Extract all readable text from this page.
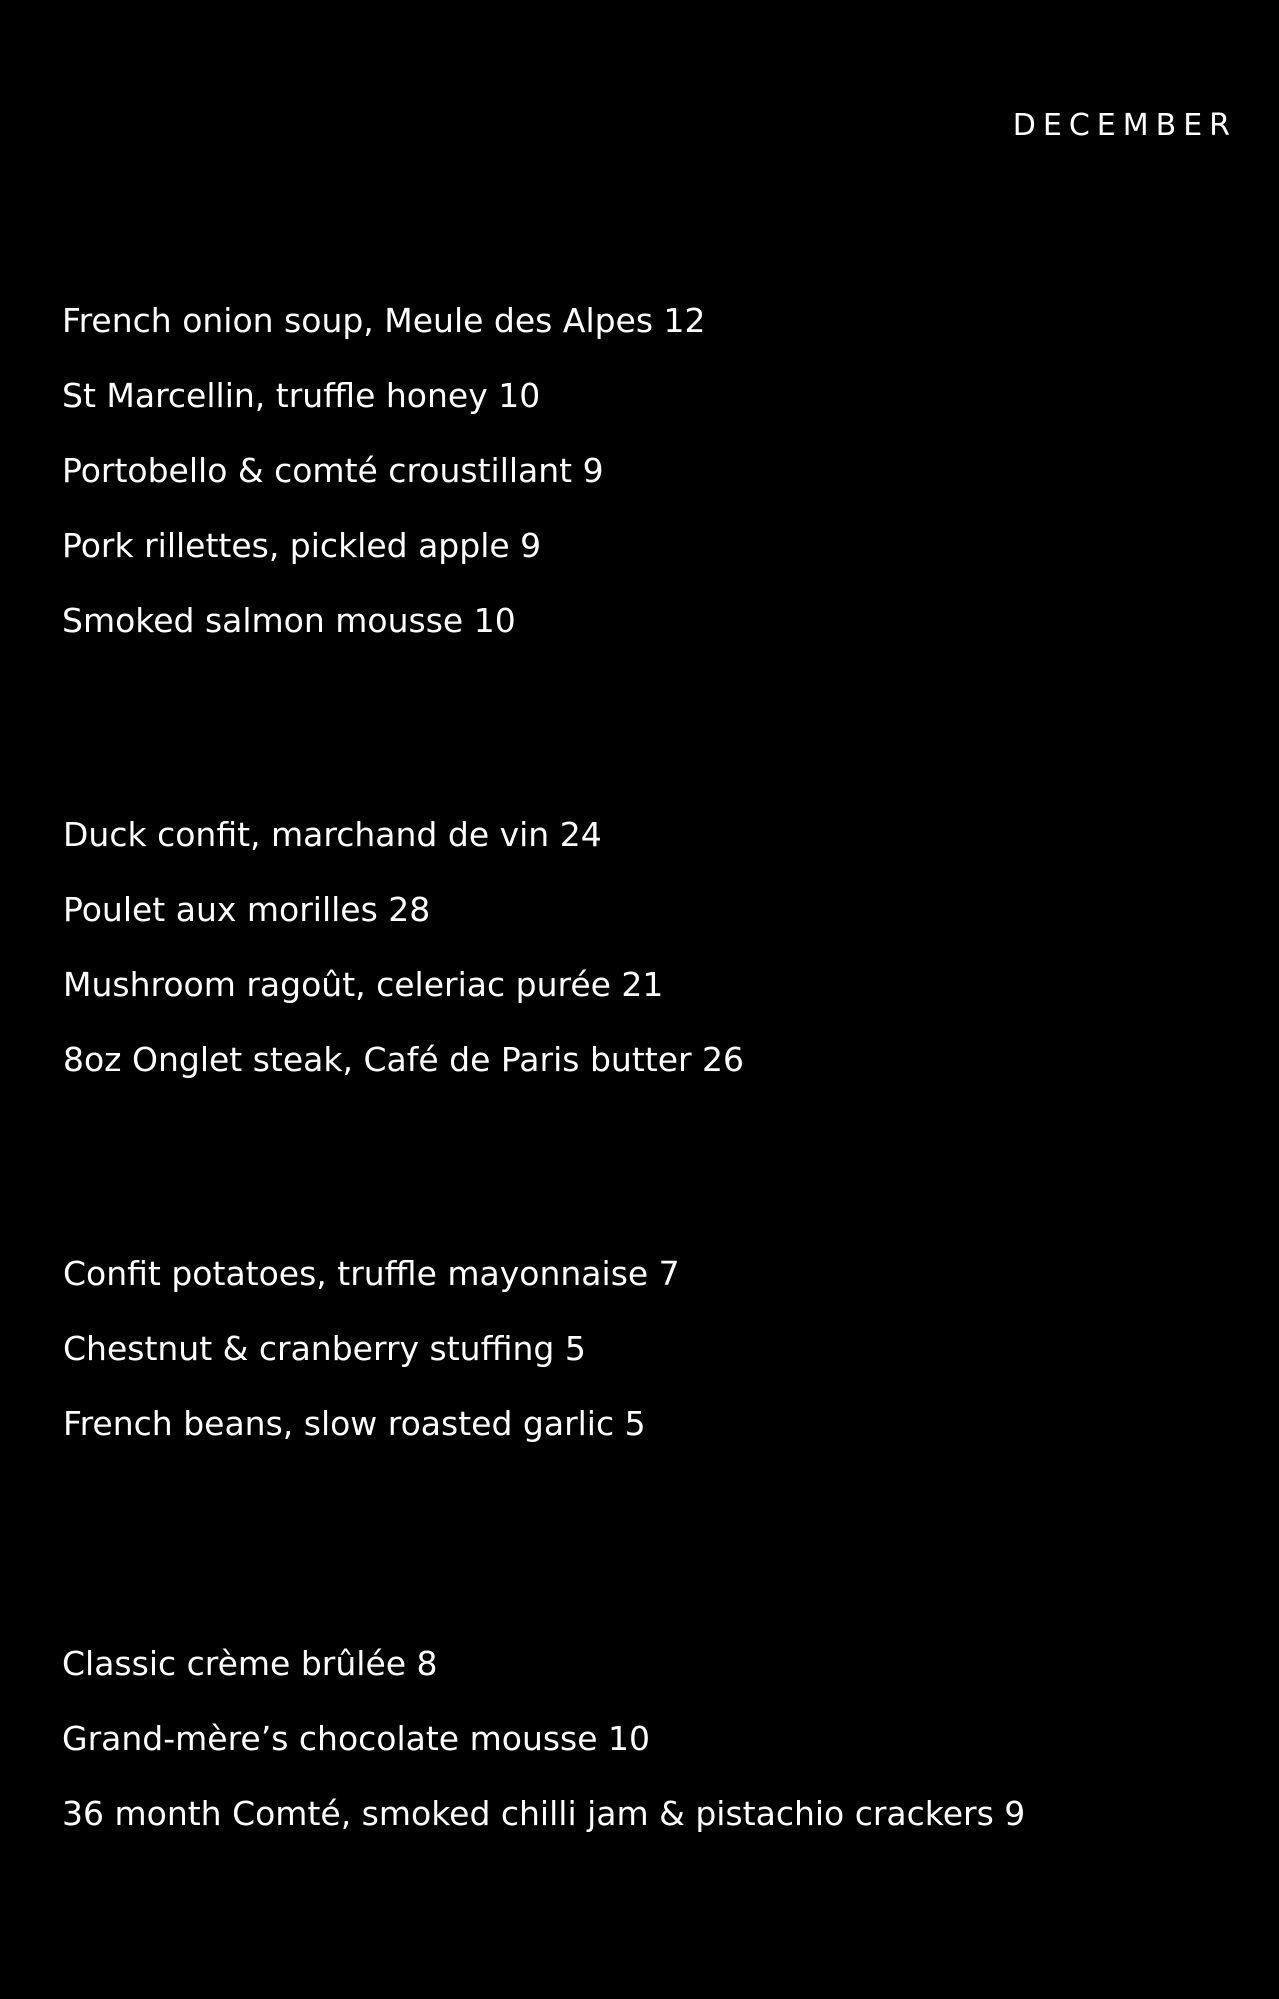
DECEMBER
French onion soup, Meule des Alpes 12
St Marcellin, truffle honey 10
Portobello & comté croustillant 9
Pork rillettes, pickled apple 9
Smoked salmon mousse 10
Duck confit, marchand de vin 24
Poulet aux morilles 28
Mushroom ragoût, celeriac purée 21
8oz Onglet steak, Café de Paris butter 26
Confit potatoes, truffle mayonnaise 7
Chestnut & cranberry stuffing 5
French beans, slow roasted garlic 5
Classic crème brûlée 8
Grand-mère’s chocolate mousse 10
36 month Comté, smoked chilli jam & pistachio crackers 9
